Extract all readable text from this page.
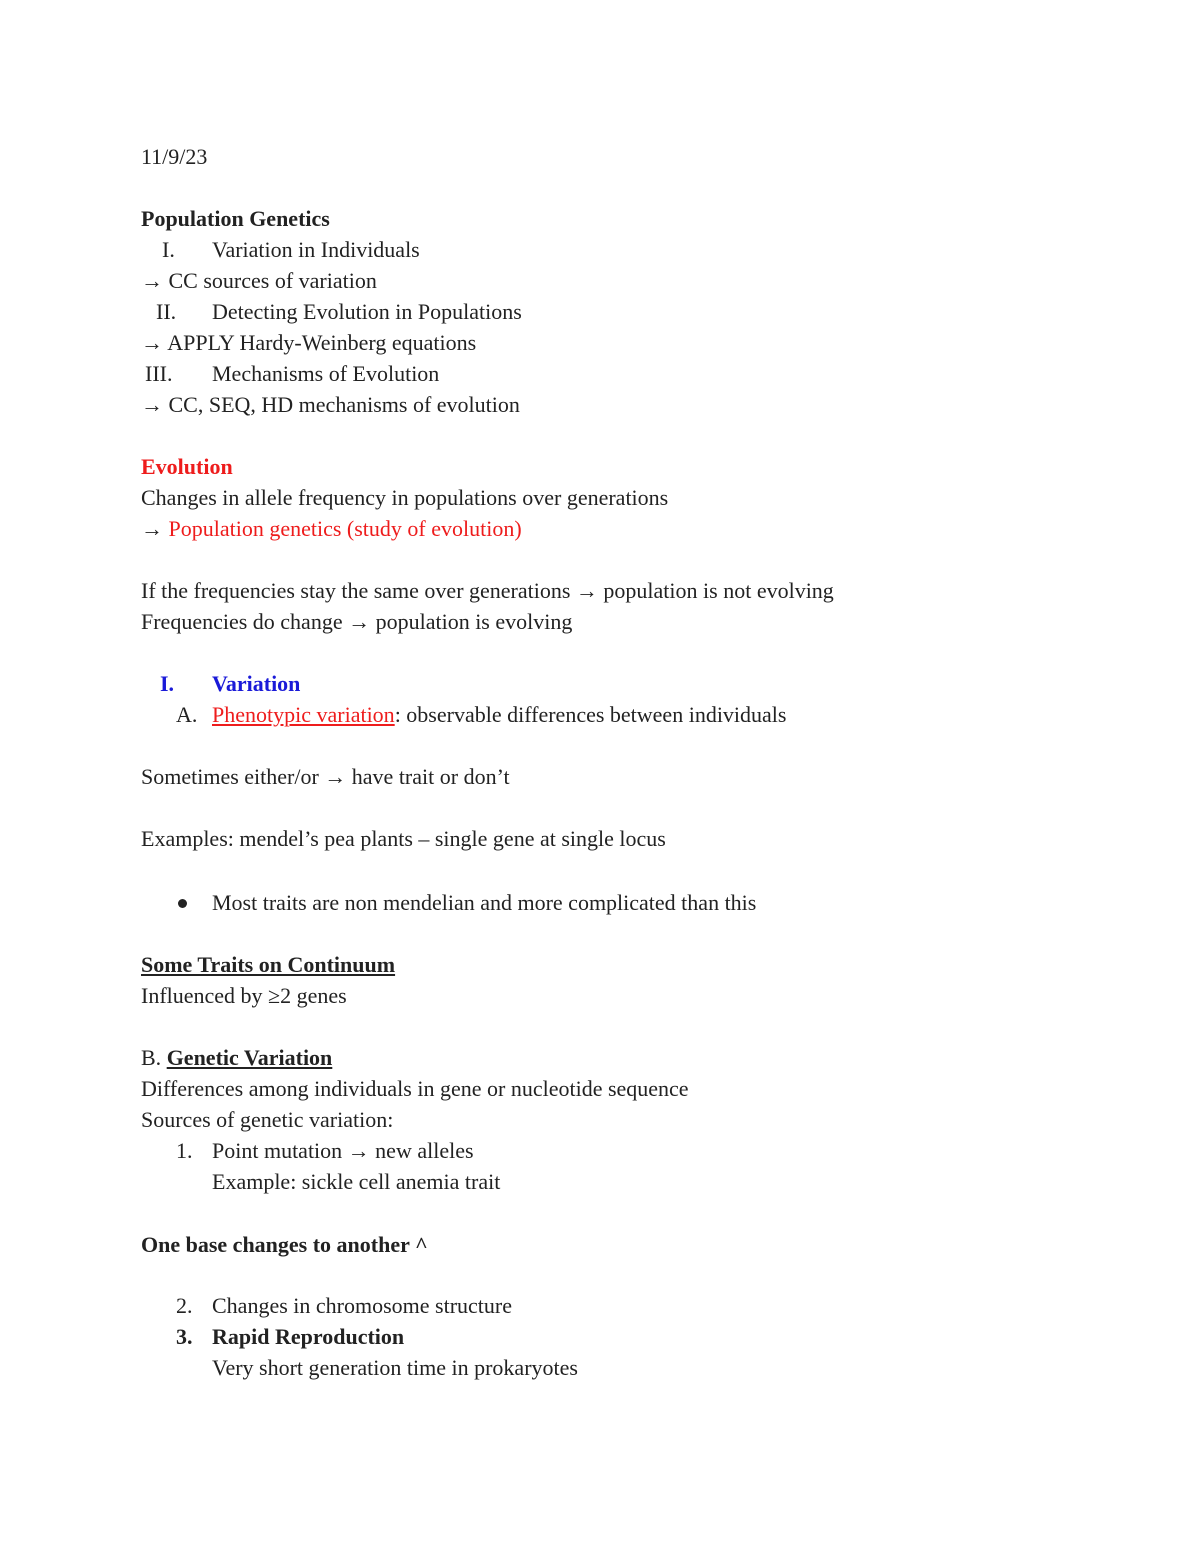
11/9/23
Population Genetics
I. Variation in Individuals
→ CC sources of variation
II. Detecting Evolution in Populations
→ APPLY Hardy-Weinberg equations
III. Mechanisms of Evolution
→ CC, SEQ, HD mechanisms of evolution
Evolution
Changes in allele frequency in populations over generations
→ Population genetics (study of evolution)
If the frequencies stay the same over generations → population is not evolving
Frequencies do change → population is evolving
I. Variation
A. Phenotypic variation: observable differences between individuals
Sometimes either/or → have trait or don’t
Examples: mendel’s pea plants – single gene at single locus
Most traits are non mendelian and more complicated than this
Some Traits on Continuum
Influenced by ≥2 genes
B. Genetic Variation
Differences among individuals in gene or nucleotide sequence
Sources of genetic variation:
1. Point mutation → new alleles
Example: sickle cell anemia trait
One base changes to another ^
2. Changes in chromosome structure
3. Rapid Reproduction
Very short generation time in prokaryotes
